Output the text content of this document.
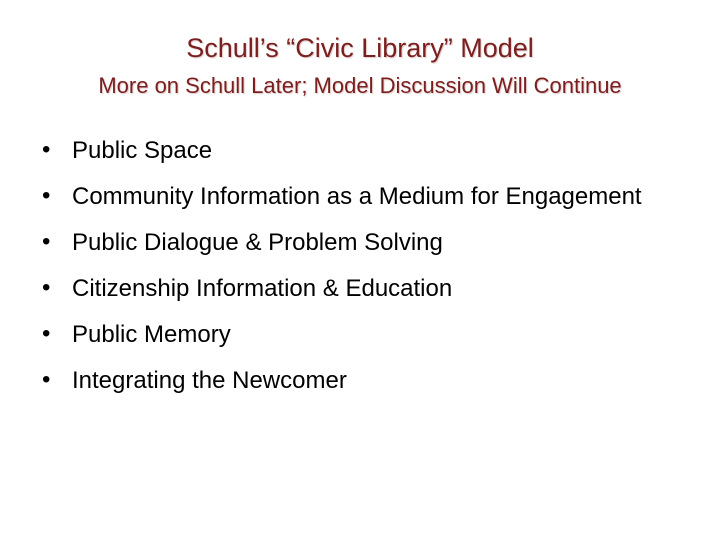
Schull’s “Civic Library” Model
More on Schull Later; Model Discussion Will Continue
• Public Space
• Community Information as a Medium for Engagement
• Public Dialogue & Problem Solving
• Citizenship Information & Education
• Public Memory
• Integrating the Newcomer
